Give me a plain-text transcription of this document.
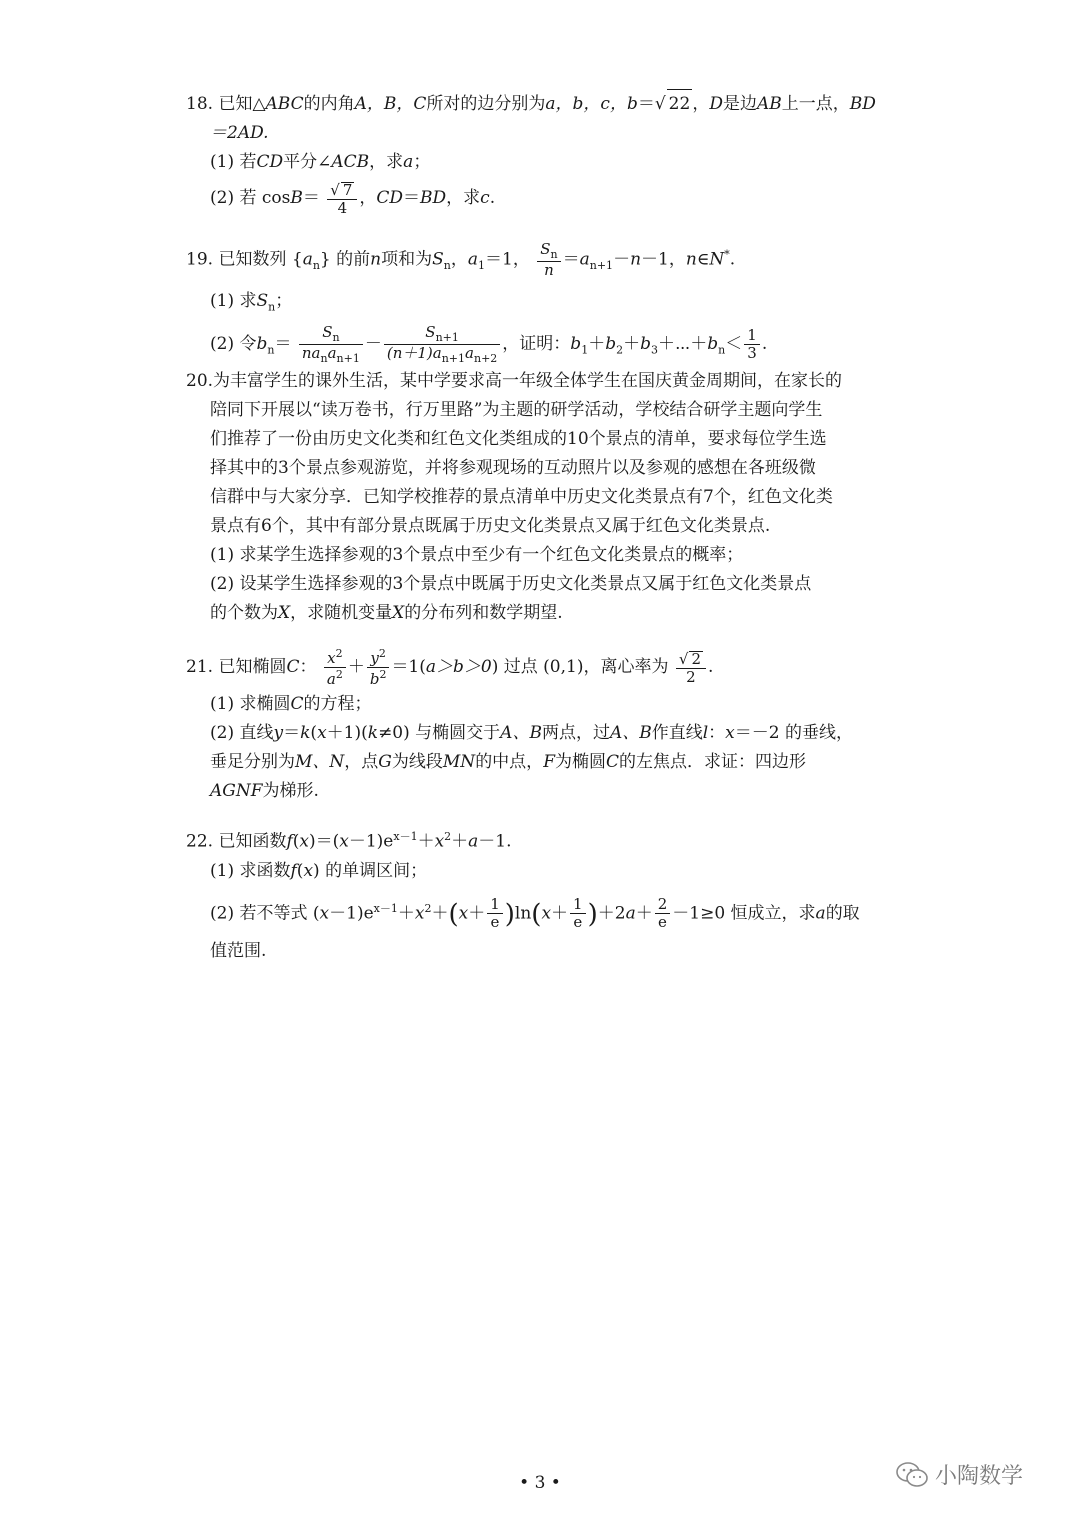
18. 已知△ABC的内角A，B，C所对的边分别为a，b，c，b＝√ 22 ，D是边AB上一点，BD
＝2AD.
(1) 若CD平分∠ACB，求a；
(2) 若 $\cos B= \frac{√ 7}{4}$ ，CD＝BD，求c.
19. 已知数列 $\{a_n\}$ 的前n项和为$S_n$，$a_1=1$， $\frac{S_n}{n} =a_{n+1}-n-1$，n∈N*.
(1) 求$S_n$；
(2) 令$b_n= \frac{S_n}{na_na_{n+1}} - \frac{S_{n+1}}{(n+1)a_{n+1}a_{n+2}}$ ，证明：$b_1+b_2+b_3+\cdots+b_n< \frac{1}{3}$ .
20.为丰富学生的课外生活，某中学要求高一年级全体学生在国庆黄金周期间，在家长的
陪同下开展以“读万卷书，行万里路”为主题的研学活动，学校结合研学主题向学生
们推荐了一份由历史文化类和红色文化类组成的10个景点的清单，要求每位学生选
择其中的3个景点参观游览，并将参观现场的互动照片以及参观的感想在各班级微
信群中与大家分享．已知学校推荐的景点清单中历史文化类景点有7个，红色文化类
景点有6个，其中有部分景点既属于历史文化类景点又属于红色文化类景点.
(1) 求某学生选择参观的3个景点中至少有一个红色文化类景点的概率；
(2) 设某学生选择参观的3个景点中既属于历史文化类景点又属于红色文化类景点
的个数为X，求随机变量X的分布列和数学期望.
21. 已知椭圆C： $\frac{x^2}{a^2} + \frac{y^2}{b^2} =1(a>b>0)$ 过点 (0,1)，离心率为 $\frac{√ 2}{2}$ .
(1) 求椭圆C的方程；
(2) 直线y＝k(x＋1)(k≠0) 与椭圆交于A、B两点，过A、B作直线l：x＝－2 的垂线，
垂足分别为M、N，点G为线段MN的中点，F为椭圆C的左焦点．求证：四边形
AGNF为梯形.
22. 已知函数$f(x)=(x-1)e^{x-1}+x^2+a-1$.
(1) 求函数f(x) 的单调区间；
(2) 若不等式 $(x-1)e^{x-1}+x^2+(x+ \frac{1}{e} )\ln(x+ \frac{1}{e} )+2a+ \frac{2}{e} -1\ge 0$ 恒成立，求a的取
值范围.
• 3 •	小陶数学
